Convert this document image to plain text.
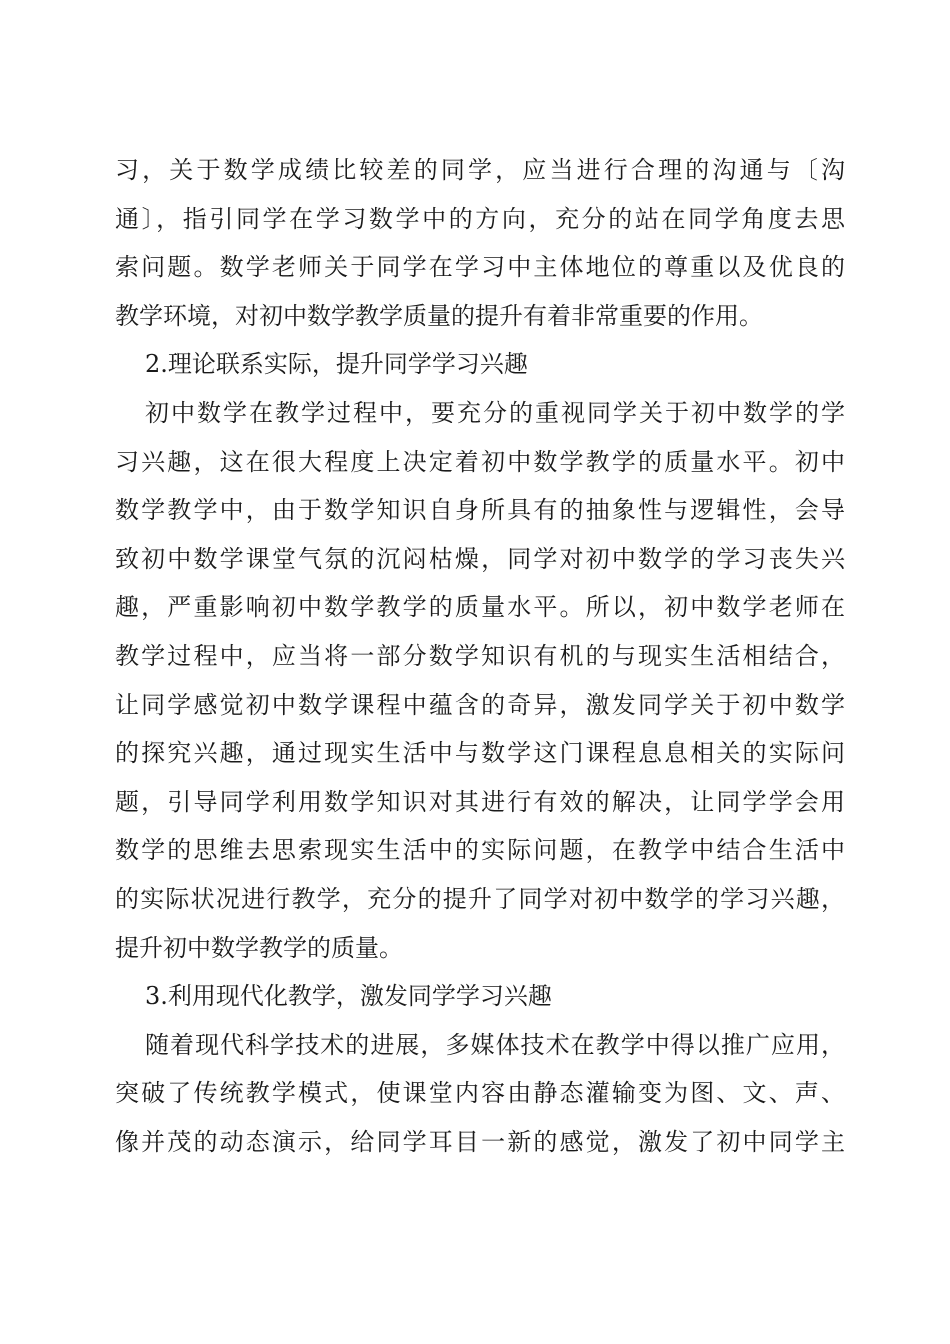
习，关于数学成绩比较差的同学，应当进行合理的沟通与〔沟
通〕，指引同学在学习数学中的方向，充分的站在同学角度去思
索问题。数学老师关于同学在学习中主体地位的尊重以及优良的
教学环境，对初中数学教学质量的提升有着非常重要的作用。
2.理论联系实际，提升同学学习兴趣
初中数学在教学过程中，要充分的重视同学关于初中数学的学
习兴趣，这在很大程度上决定着初中数学教学的质量水平。初中
数学教学中，由于数学知识自身所具有的抽象性与逻辑性，会导
致初中数学课堂气氛的沉闷枯燥，同学对初中数学的学习丧失兴
趣，严重影响初中数学教学的质量水平。所以，初中数学老师在
教学过程中，应当将一部分数学知识有机的与现实生活相结合，
让同学感觉初中数学课程中蕴含的奇异，激发同学关于初中数学
的探究兴趣，通过现实生活中与数学这门课程息息相关的实际问
题，引导同学利用数学知识对其进行有效的解决，让同学学会用
数学的思维去思索现实生活中的实际问题，在教学中结合生活中
的实际状况进行教学，充分的提升了同学对初中数学的学习兴趣，
提升初中数学教学的质量。
3.利用现代化教学，激发同学学习兴趣
随着现代科学技术的进展，多媒体技术在教学中得以推广应用，
突破了传统教学模式，使课堂内容由静态灌输变为图、文、声、
像并茂的动态演示，给同学耳目一新的感觉，激发了初中同学主
